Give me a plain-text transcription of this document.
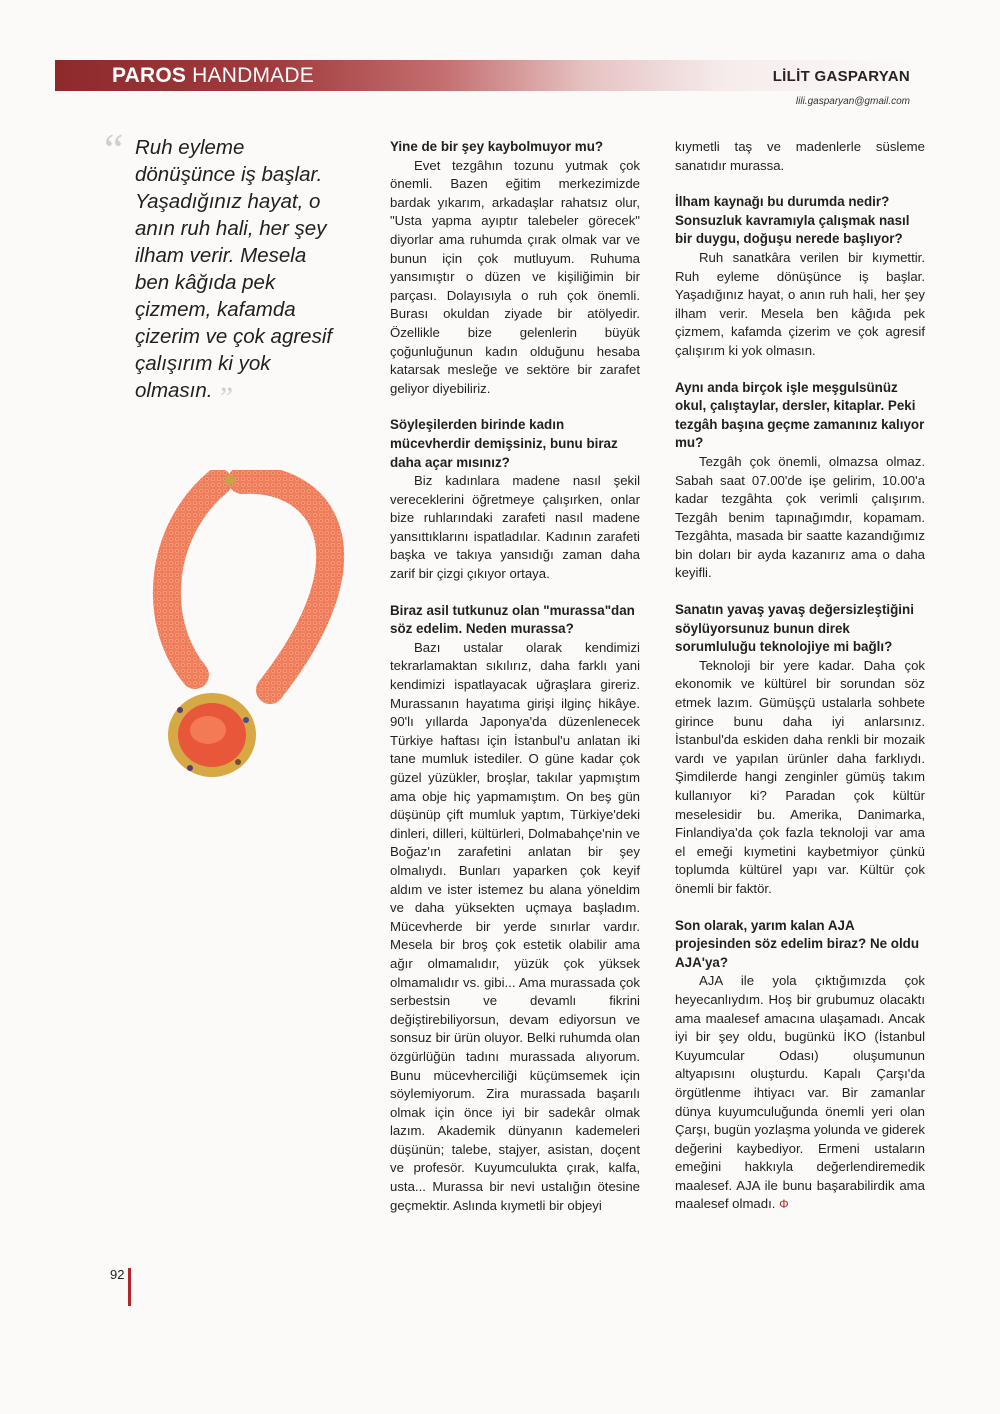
PAROS HANDMADE	LİLİT GASPARYAN
lili.gasparyan@gmail.com
“ Ruh eyleme dönüşünce iş başlar. Yaşadığınız hayat, o anın ruh hali, her şey ilham verir. Mesela ben kâğıda pek çizmem, kafamda çizerim ve çok agresif çalışırım ki yok olmasın. ”
Yine de bir şey kaybolmuyor mu?

Evet tezgâhın tozunu yutmak çok önemli. Bazen eğitim merkezimizde bardak yıkarım, arkadaşlar rahatsız olur, "Usta yapma ayıptır talebeler görecek" diyorlar ama ruhumda çırak olmak var ve bunun için çok mutluyum. Ruhuma yansımıştır o düzen ve kişiliğimin bir parçası. Dolayısıyla o ruh çok önemli. Burası okuldan ziyade bir atölyedir. Özellikle bize gelenlerin büyük çoğunluğunun kadın olduğunu hesaba katarsak mesleğe ve sektöre bir zarafet geliyor diyebiliriz.

Söyleşilerden birinde kadın mücevherdir demişsiniz, bunu biraz daha açar mısınız?

Biz kadınlara madene nasıl şekil vereceklerini öğretmeye çalışırken, onlar bize ruhlarındaki zarafeti nasıl madene yansıttıklarını ispatladılar. Kadının zarafeti başka ve takıya yansıdığı zaman daha zarif bir çizgi çıkıyor ortaya.

Biraz asil tutkunuz olan "murassa"dan söz edelim. Neden murassa?

Bazı ustalar olarak kendimizi tekrarlamaktan sıkılırız, daha farklı yani kendimizi ispatlayacak uğraşlara gireriz. Murassanın hayatıma girişi ilginç hikâye. 90'lı yıllarda Japonya'da düzenlenecek Türkiye haftası için İstanbul'u anlatan iki tane mumluk istediler. O güne kadar çok güzel yüzükler, broşlar, takılar yapmıştım ama obje hiç yapmamıştım. On beş gün düşünüp çift mumluk yaptım, Türkiye'deki dinleri, dilleri, kültürleri, Dolmabahçe'nin ve Boğaz'ın zarafetini anlatan bir şey olmalıydı. Bunları yaparken çok keyif aldım ve ister istemez bu alana yöneldim ve daha yüksekten uçmaya başladım. Mücevherde bir yerde sınırlar vardır. Mesela bir broş çok estetik olabilir ama ağır olmamalıdır, yüzük çok yüksek olmamalıdır vs. gibi... Ama murassada çok serbestsin ve devamlı fikrini değiştirebiliyorsun, devam ediyorsun ve sonsuz bir ürün oluyor. Belki ruhumda olan özgürlüğün tadını murassada alıyorum. Bunu mücevherciliği küçümsemek için söylemiyorum. Zira murassada başarılı olmak için önce iyi bir sadekâr olmak lazım. Akademik dünyanın kademeleri düşünün; talebe, stajyer, asistan, doçent ve profesör. Kuyumculukta çırak, kalfa, usta... Murassa bir nevi ustalığın ötesine geçmektir. Aslında kıymetli bir objeyi

kıymetli taş ve madenlerle süsleme sanatıdır murassa.

İlham kaynağı bu durumda nedir? Sonsuzluk kavramıyla çalışmak nasıl bir duygu, doğuşu nerede başlıyor?

Ruh sanatkâra verilen bir kıymettir. Ruh eyleme dönüşünce iş başlar. Yaşadığınız hayat, o anın ruh hali, her şey ilham verir. Mesela ben kâğıda pek çizmem, kafamda çizerim ve çok agresif çalışırım ki yok olmasın.

Aynı anda birçok işle meşgulsünüz okul, çalıştaylar, dersler, kitaplar. Peki tezgâh başına geçme zamanınız kalıyor mu?

Tezgâh çok önemli, olmazsa olmaz. Sabah saat 07.00'de işe gelirim, 10.00'a kadar tezgâhta çok verimli çalışırım. Tezgâh benim tapınağımdır, kopamam. Tezgâhta, masada bir saatte kazandığımız bin doları bir ayda kazanırız ama o daha keyifli.

Sanatın yavaş yavaş değersizleştiğini söylüyorsunuz bunun direk sorumluluğu teknolojiye mi bağlı?

Teknoloji bir yere kadar. Daha çok ekonomik ve kültürel bir sorundan söz etmek lazım. Gümüşçü ustalarla sohbete girince bunu daha iyi anlarsınız. İstanbul'da eskiden daha renkli bir mozaik vardı ve yapılan ürünler daha farklıydı. Şimdilerde hangi zenginler gümüş takım kullanıyor ki? Paradan çok kültür meselesidir bu. Amerika, Danimarka, Finlandiya'da çok fazla teknoloji var ama el emeği kıymetini kaybetmiyor çünkü toplumda kültürel yapı var. Kültür çok önemli bir faktör.

Son olarak, yarım kalan AJA projesinden söz edelim biraz? Ne oldu AJA'ya?

AJA ile yola çıktığımızda çok heyecanlıydım. Hoş bir grubumuz olacaktı ama maalesef amacına ulaşamadı. Ancak iyi bir şey oldu, bugünkü İKO (İstanbul Kuyumcular Odası) oluşumunun altyapısını oluşturdu. Kapalı Çarşı'da örgütlenme ihtiyacı var. Bir zamanlar dünya kuyumculuğunda önemli yeri olan Çarşı, bugün yozlaşma yolunda ve giderek değerini kaybediyor. Ermeni ustaların emeğini hakkıyla değerlendiremedik maalesef. AJA ile bunu başarabilirdik ama maalesef olmadı. Φ

92
